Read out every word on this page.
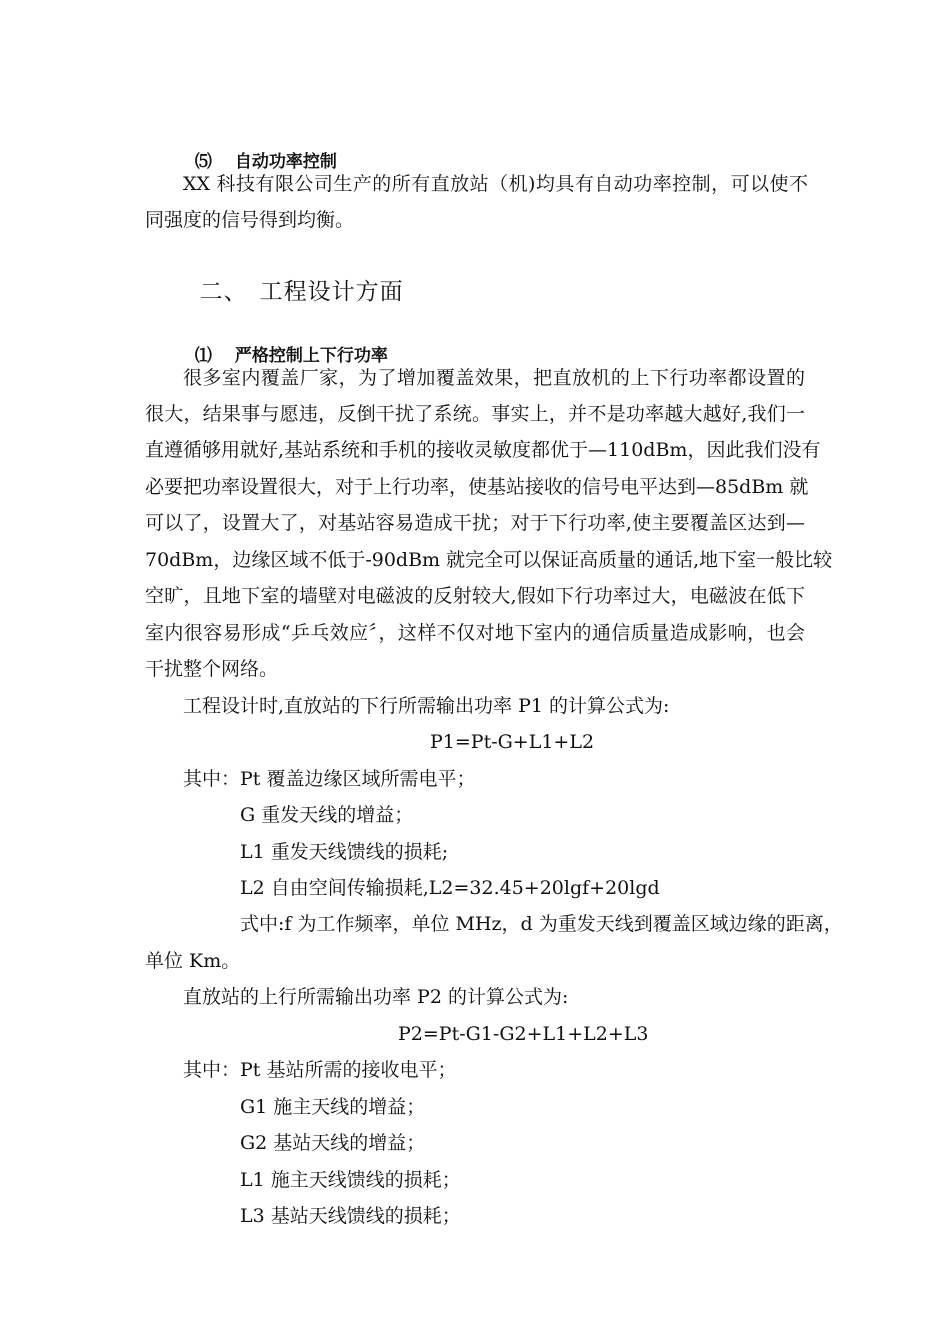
⑸ 自动功率控制

XX 科技有限公司生产的所有直放站（机)均具有自动功率控制，可以使不
同强度的信号得到均衡。

二、 工程设计方面

⑴ 严格控制上下行功率

很多室内覆盖厂家，为了增加覆盖效果，把直放机的上下行功率都设置的
很大，结果事与愿违，反倒干扰了系统。事实上，并不是功率越大越好,我们一
直遵循够用就好,基站系统和手机的接收灵敏度都优于—110dBm，因此我们没有
必要把功率设置很大，对于上行功率，使基站接收的信号电平达到—85dBm 就
可以了，设置大了，对基站容易造成干扰；对于下行功率,使主要覆盖区达到—
70dBm，边缘区域不低于-90dBm 就完全可以保证高质量的通话,地下室一般比较
空旷，且地下室的墙壁对电磁波的反射较大,假如下行功率过大，电磁波在低下
室内很容易形成“乒乓效应〞，这样不仅对地下室内的通信质量造成影响，也会
干扰整个网络。
工程设计时,直放站的下行所需输出功率 P1 的计算公式为:
P1=Pt-G+L1+L2
其中：Pt 覆盖边缘区域所需电平；
G 重发天线的增益；
L1 重发天线馈线的损耗;
L2 自由空间传输损耗,L2=32.45+20lgf+20lgd
式中:f 为工作频率，单位 MHz，d 为重发天线到覆盖区域边缘的距离，
单位 Km。
直放站的上行所需输出功率 P2 的计算公式为:
P2=Pt-G1-G2+L1+L2+L3
其中：Pt 基站所需的接收电平；
G1 施主天线的增益；
G2 基站天线的增益；
L1 施主天线馈线的损耗；
L3 基站天线馈线的损耗；
